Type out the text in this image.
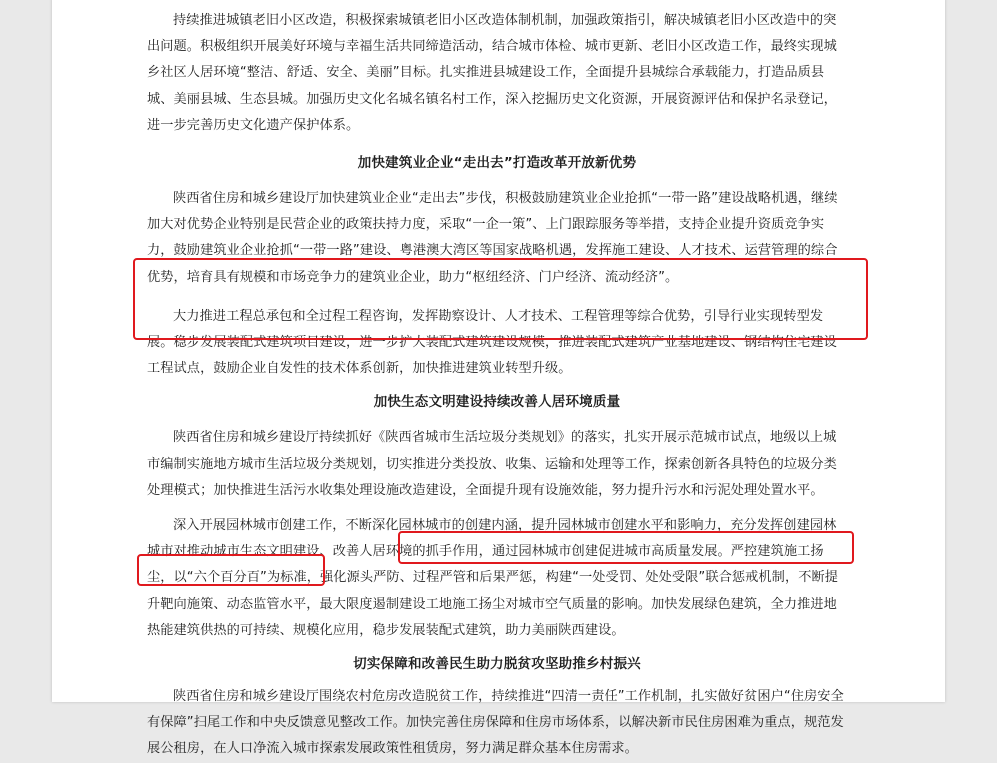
持续推进城镇老旧小区改造，积极探索城镇老旧小区改造体制机制，加强政策指引，解决城镇老旧小区改造中的突出问题。积极组织开展美好环境与幸福生活共同缔造活动，结合城市体检、城市更新、老旧小区改造工作，最终实现城乡社区人居环境“整洁、舒适、安全、美丽”目标。扎实推进县城建设工作，全面提升县城综合承载能力，打造品质县城、美丽县城、生态县城。加强历史文化名城名镇名村工作，深入挖掘历史文化资源，开展资源评估和保护名录登记，进一步完善历史文化遗产保护体系。

加快建筑业企业“走出去”打造改革开放新优势

陕西省住房和城乡建设厅加快建筑业企业“走出去”步伐，积极鼓励建筑业企业抢抓“一带一路”建设战略机遇，继续加大对优势企业特别是民营企业的政策扶持力度，采取“一企一策”、上门跟踪服务等举措，支持企业提升资质竞争实力，鼓励建筑业企业抢抓“一带一路”建设、粤港澳大湾区等国家战略机遇，发挥施工建设、人才技术、运营管理的综合优势，培育具有规模和市场竞争力的建筑业企业，助力“枢纽经济、门户经济、流动经济”。

大力推进工程总承包和全过程工程咨询，发挥勘察设计、人才技术、工程管理等综合优势，引导行业实现转型发展。稳步发展装配式建筑项目建设，进一步扩大装配式建筑建设规模，推进装配式建筑产业基地建设、钢结构住宅建设工程试点，鼓励企业自发性的技术体系创新，加快推进建筑业转型升级。

加快生态文明建设持续改善人居环境质量

陕西省住房和城乡建设厅持续抓好《陕西省城市生活垃圾分类规划》的落实，扎实开展示范城市试点，地级以上城市编制实施地方城市生活垃圾分类规划，切实推进分类投放、收集、运输和处理等工作，探索创新各具特色的垃圾分类处理模式；加快推进生活污水收集处理设施改造建设，全面提升现有设施效能，努力提升污水和污泥处理处置水平。

深入开展园林城市创建工作，不断深化园林城市的创建内涵，提升园林城市创建水平和影响力，充分发挥创建园林城市对推动城市生态文明建设、改善人居环境的抓手作用，通过园林城市创建促进城市高质量发展。严控建筑施工扬尘，以“六个百分百”为标准，强化源头严防、过程严管和后果严惩，构建“一处受罚、处处受限”联合惩戒机制，不断提升靶向施策、动态监管水平，最大限度遏制建设工地施工扬尘对城市空气质量的影响。加快发展绿色建筑，全力推进地热能建筑供热的可持续、规模化应用，稳步发展装配式建筑，助力美丽陕西建设。

切实保障和改善民生助力脱贫攻坚助推乡村振兴

陕西省住房和城乡建设厅围绕农村危房改造脱贫工作，持续推进“四清一责任”工作机制，扎实做好贫困户“住房安全有保障”扫尾工作和中央反馈意见整改工作。加快完善住房保障和住房市场体系，以解决新市民住房困难为重点，规范发展公租房，在人口净流入城市探索发展政策性租赁房，努力满足群众基本住房需求。
